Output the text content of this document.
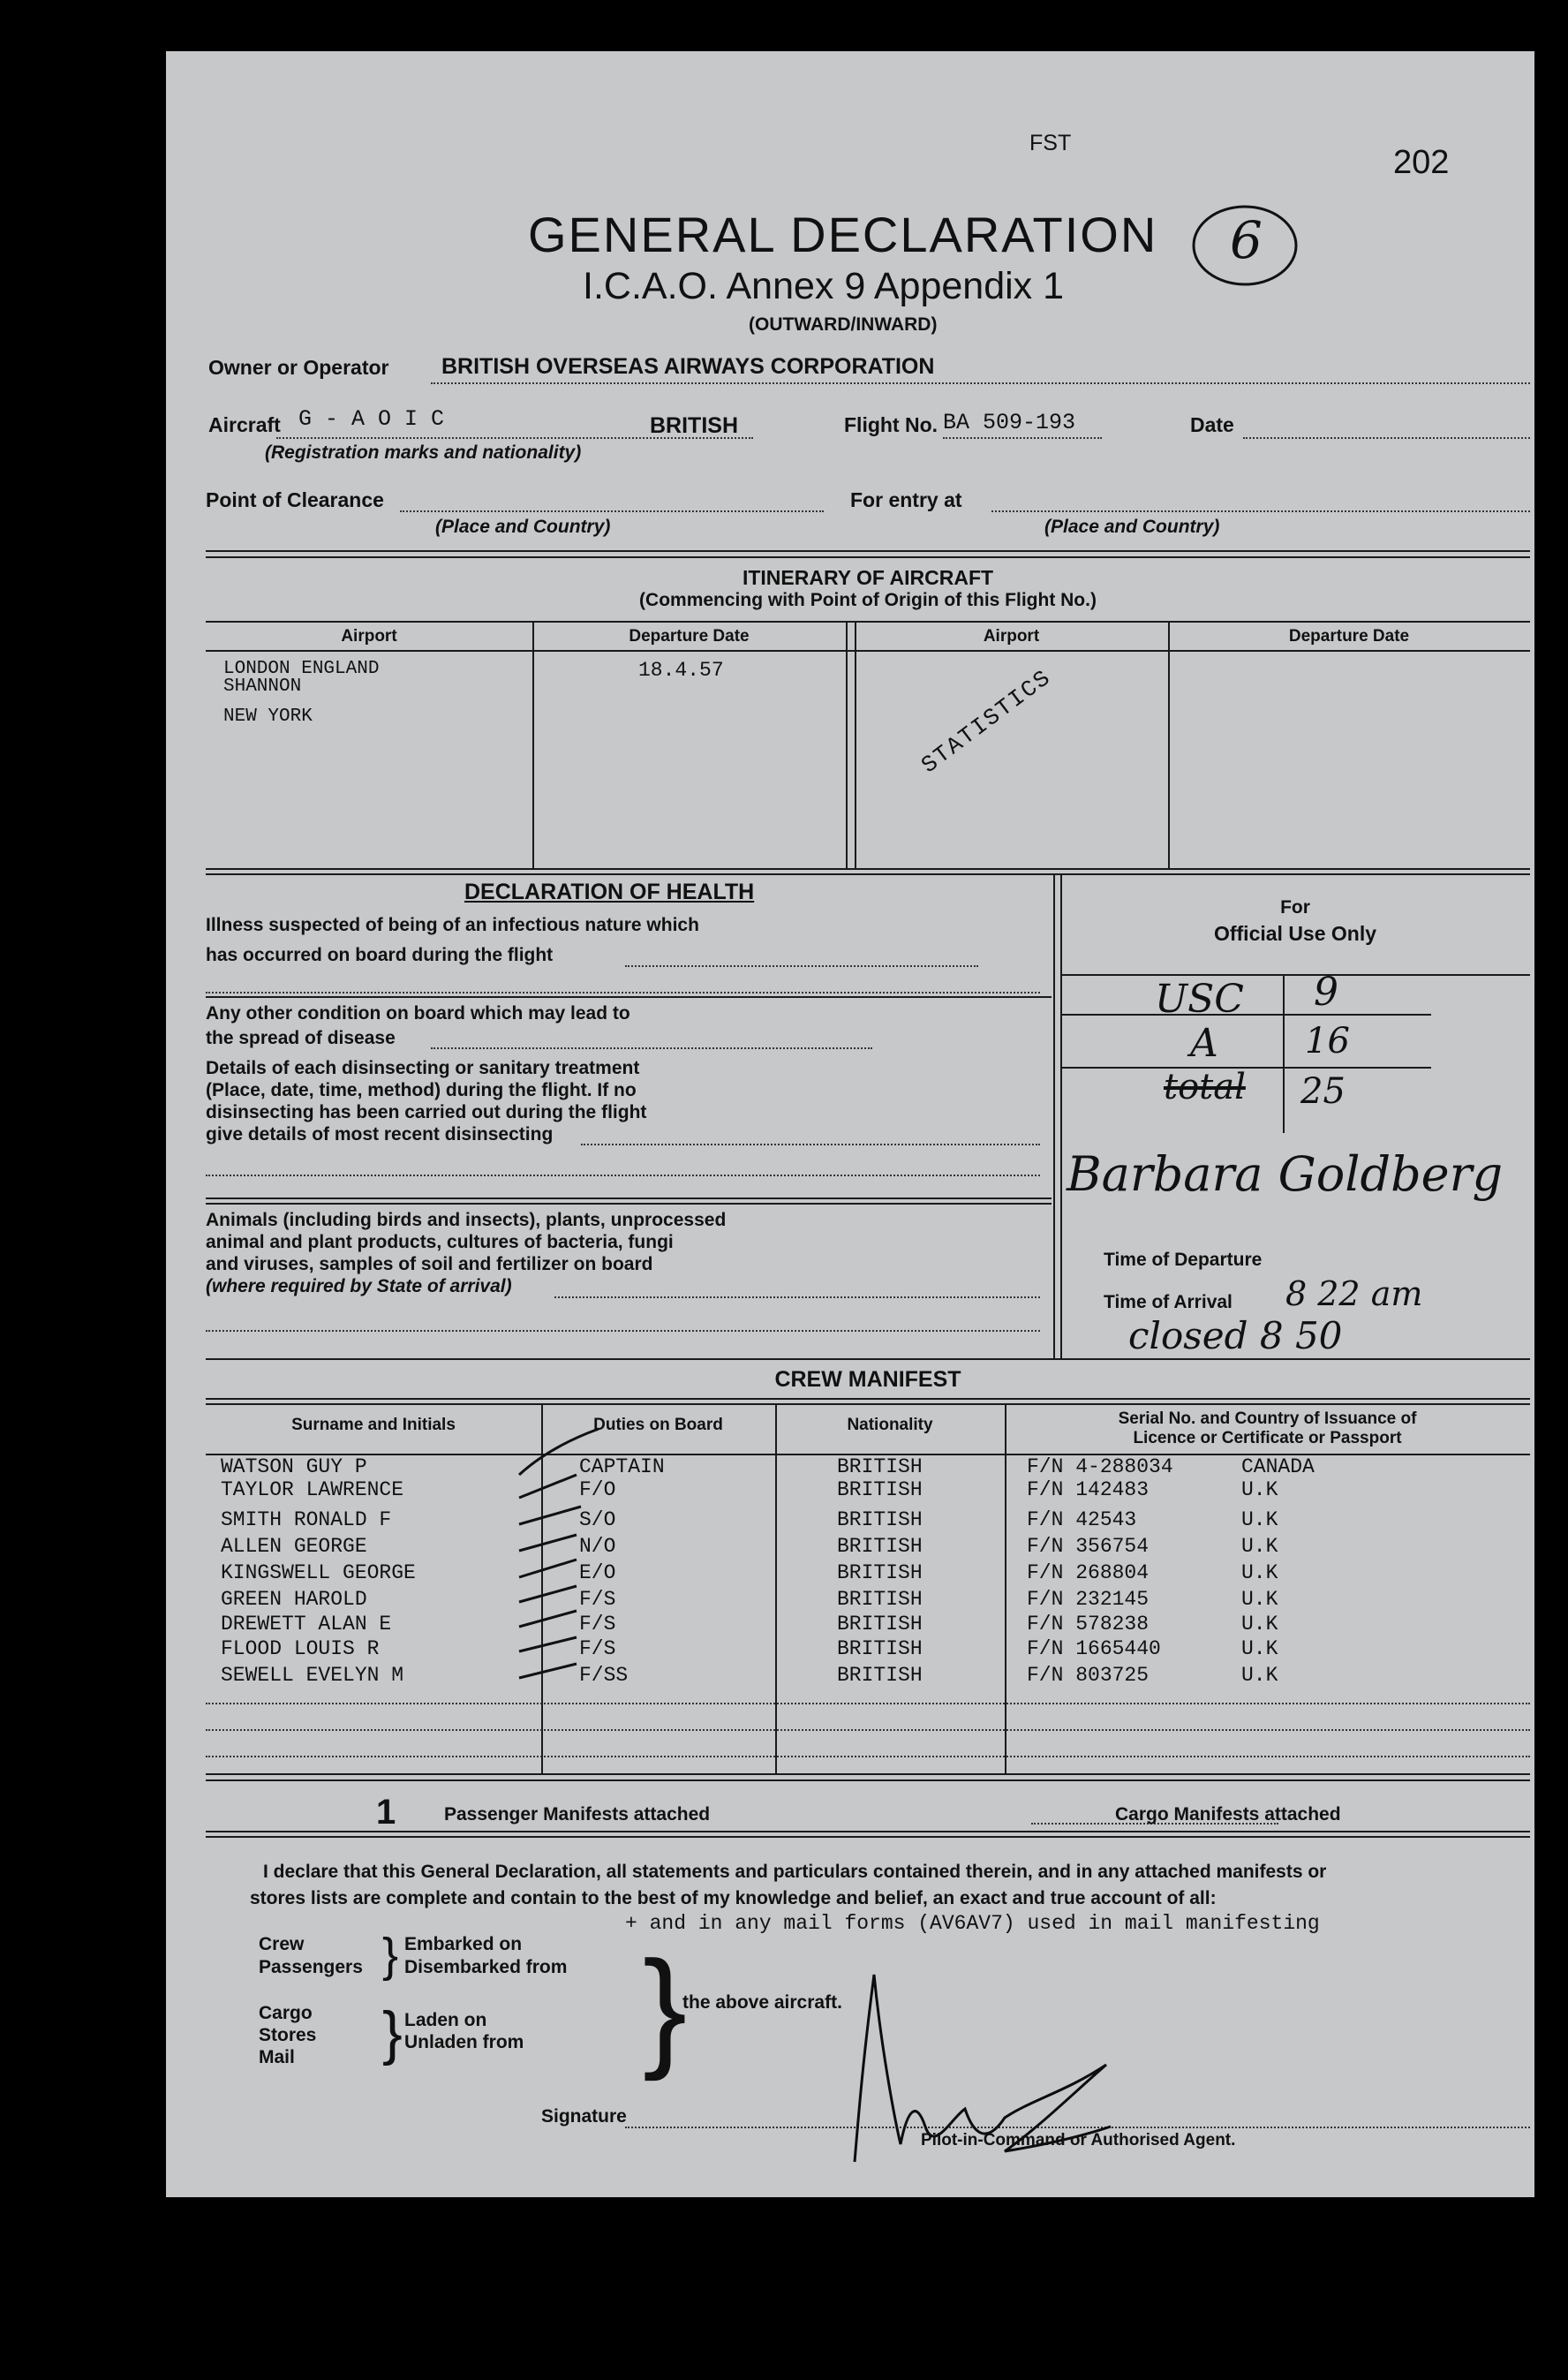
FST
202
GENERAL DECLARATION 6
I.C.A.O. Annex 9 Appendix 1
(OUTWARD/INWARD)
Owner or Operator BRITISH OVERSEAS AIRWAYS CORPORATION
Aircraft G - A O I C	BRITISH	Flight No. BA 509-193	Date
(Registration marks and nationality)
Point of Clearance
(Place and Country)
For entry at
(Place and Country)
ITINERARY OF AIRCRAFT
(Commencing with Point of Origin of this Flight No.)
Airport	Departure Date	Airport	Departure Date
LONDON ENGLAND
SHANNON
NEW YORK
18.4.57	STATISTICS
DECLARATION OF HEALTH
Illness suspected of being of an infectious nature which
has occurred on board during the flight
Any other condition on board which may lead to
the spread of disease
Details of each disinsecting or sanitary treatment
(Place, date, time, method) during the flight. If no
disinsecting has been carried out during the flight
give details of most recent disinsecting
Animals (including birds and insects), plants, unprocessed
animal and plant products, cultures of bacteria, fungi
and viruses, samples of soil and fertilizer on board
(where required by State of arrival)
For
Official Use Only
USC 9
A 16
total 25
Barbara Goldberg
Time of Departure
Time of Arrival 8 22 am
closed 8 50
CREW MANIFEST
Surname and Initials	Duties on Board	Nationality	Serial No. and Country of Issuance of
Licence or Certificate or Passport
WATSON GUY P	CAPTAIN	BRITISH	F/N 4-288034	CANADA
TAYLOR LAWRENCE	F/O	BRITISH	F/N 142483	U.K
SMITH RONALD F	S/O	BRITISH	F/N 42543	U.K
ALLEN GEORGE	N/O	BRITISH	F/N 356754	U.K
KINGSWELL GEORGE	E/O	BRITISH	F/N 268804	U.K
GREEN HAROLD	F/S	BRITISH	F/N 232145	U.K
DREWETT ALAN E	F/S	BRITISH	F/N 578238	U.K
FLOOD LOUIS R	F/S	BRITISH	F/N 1665440	U.K
SEWELL EVELYN M	F/SS	BRITISH	F/N 803725	U.K
1	Passenger Manifests attached	Cargo Manifests attached
I declare that this General Declaration, all statements and particulars contained therein, and in any attached manifests or
stores lists are complete and contain to the best of my knowledge and belief, an exact and true account of all:
+ and in any mail forms (AV6AV7) used in mail manifesting
Crew
Passengers } Embarked on
Disembarked from
Cargo
Stores
Mail } Laden on
Unladen from }
the above aircraft.
Signature
Pilot-in-Command or Authorised Agent.
